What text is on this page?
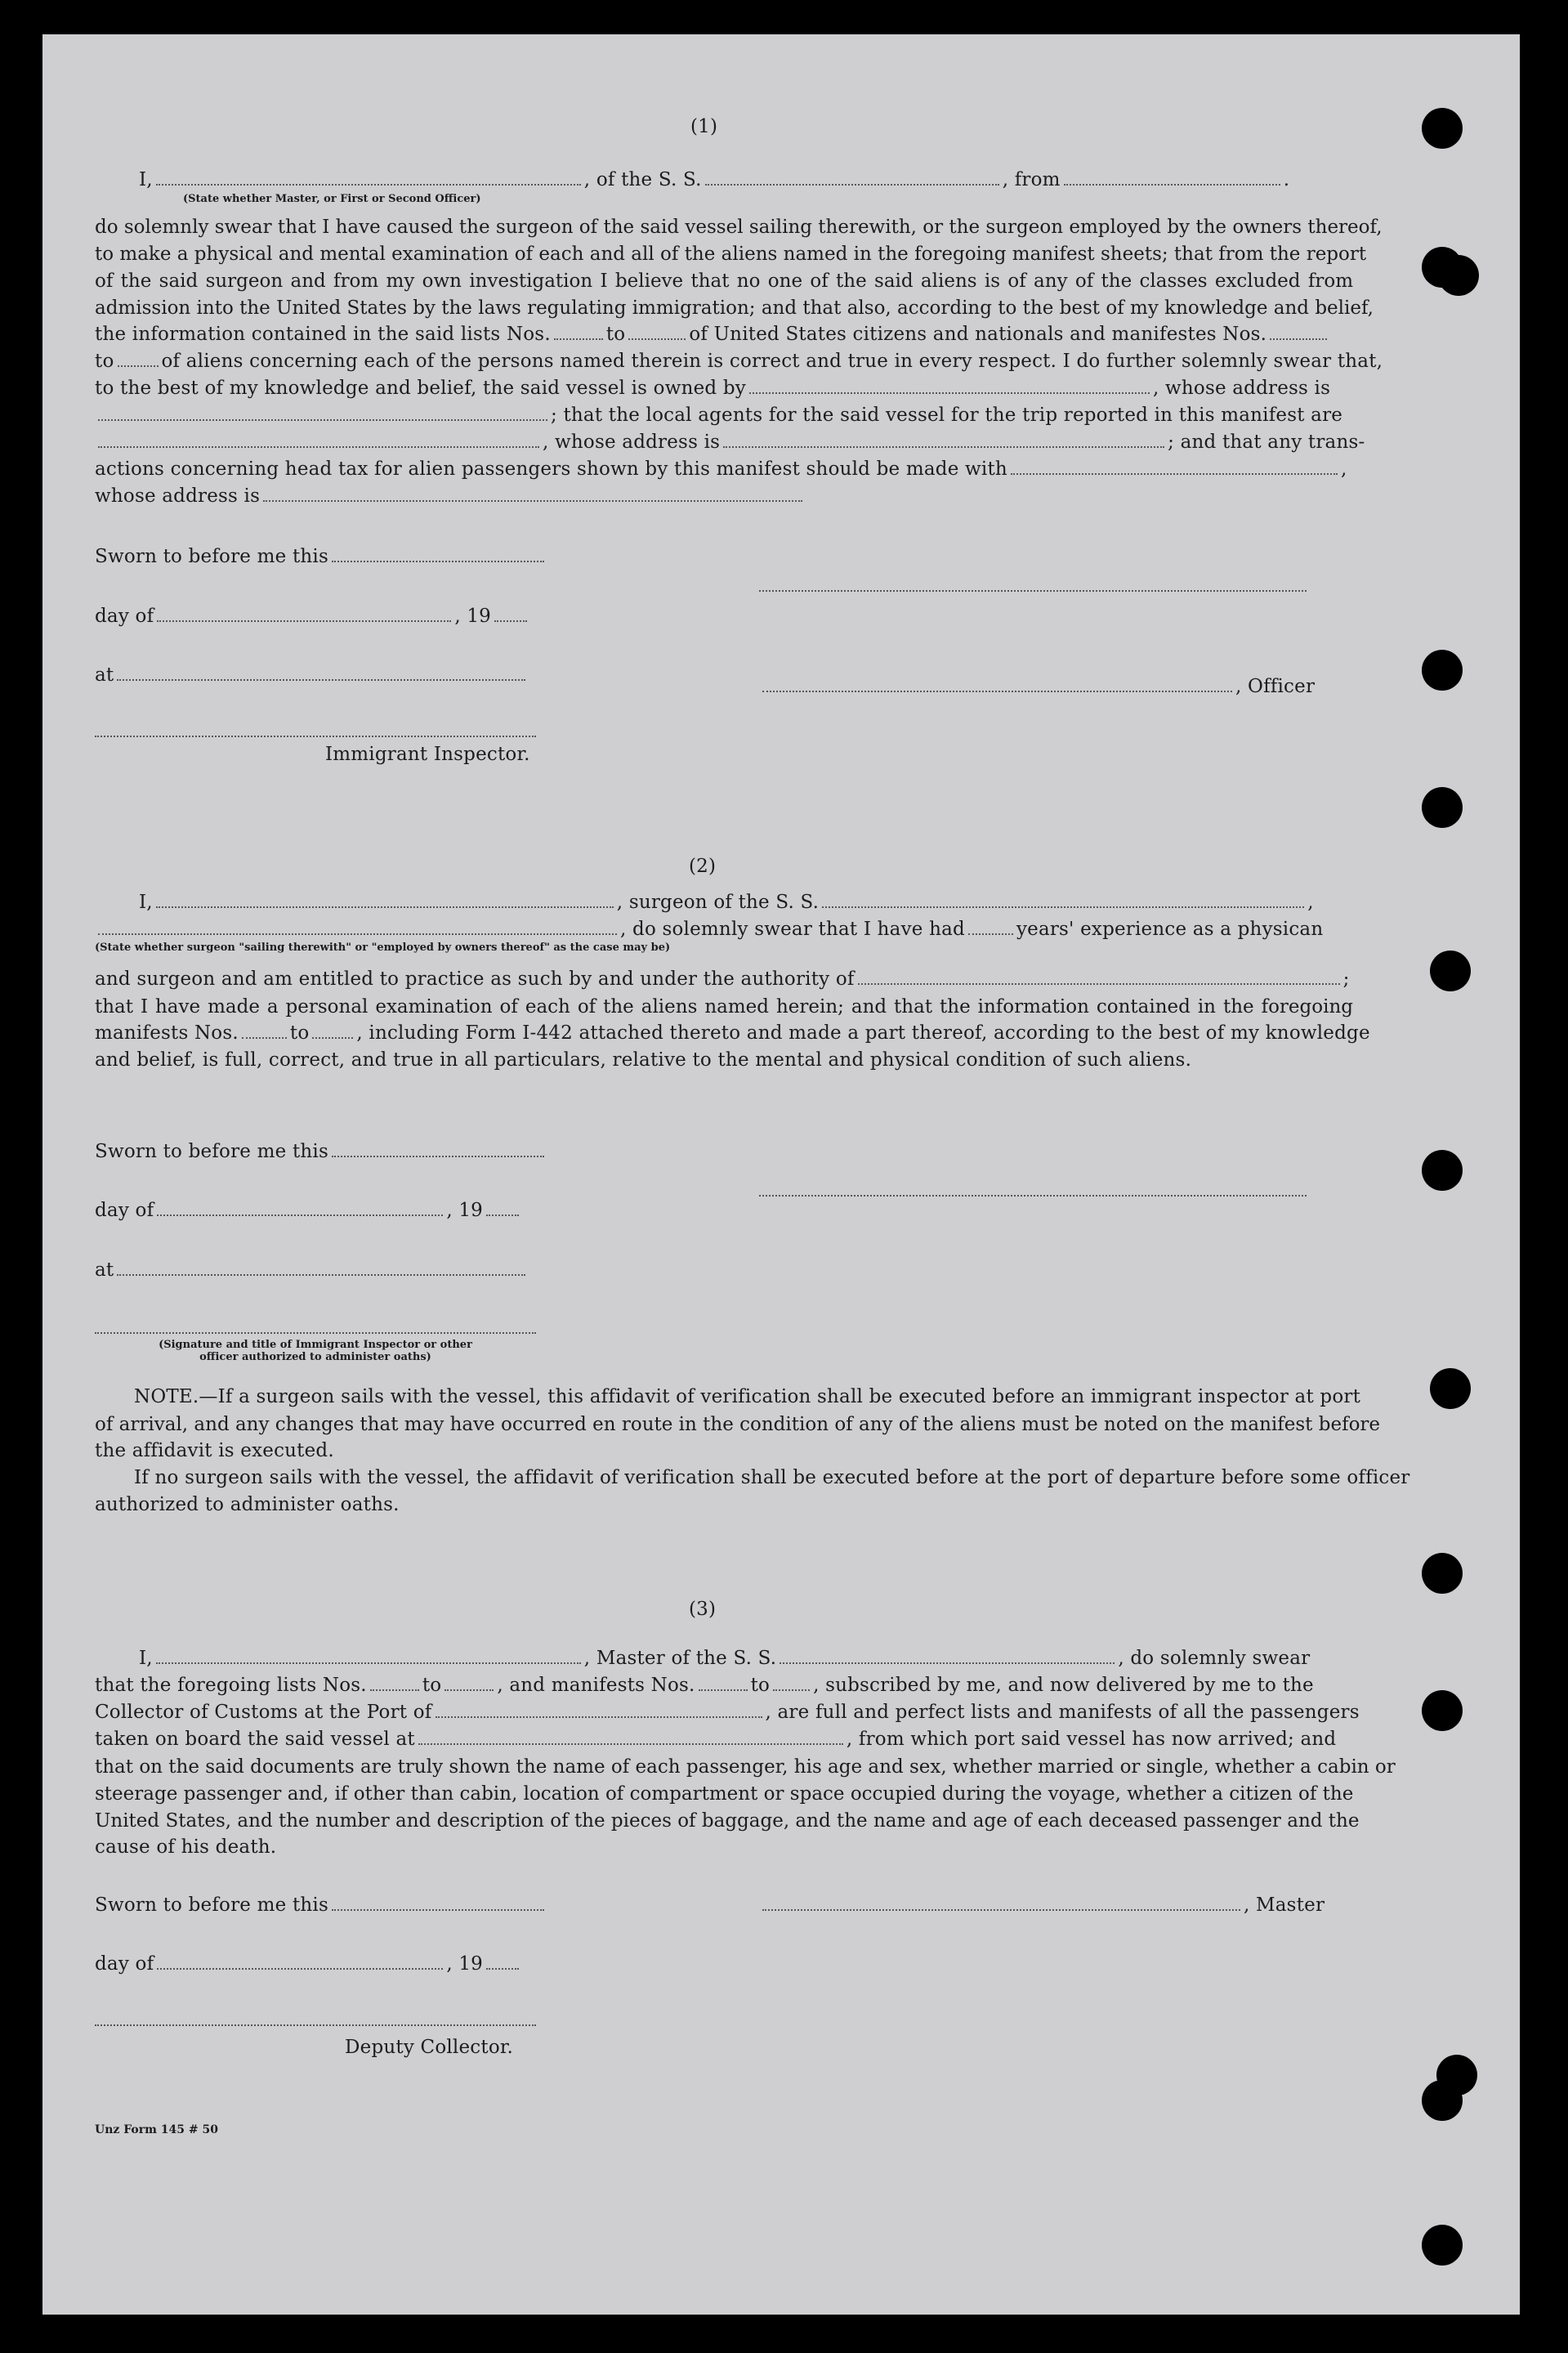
(1)
I,	, of the S. S.	, from	.
(State whether Master, or First or Second Officer)
do solemnly swear that I have caused the surgeon of the said vessel sailing therewith, or the surgeon employed by the owners thereof,
to make a physical and mental examination of each and all of the aliens named in the foregoing manifest sheets; that from the report
of the said surgeon and from my own investigation I believe that no one of the said aliens is of any of the classes excluded from
admission into the United States by the laws regulating immigration; and that also, according to the best of my knowledge and belief,
the information contained in the said lists Nos.	to	of United States citizens and nationals and manifestes Nos.
to	of aliens concerning each of the persons named therein is correct and true in every respect. I do further solemnly swear that,
to the best of my knowledge and belief, the said vessel is owned by	, whose address is
; that the local agents for the said vessel for the trip reported in this manifest are
, whose address is	; and that any trans-
actions concerning head tax for alien passengers shown by this manifest should be made with	,
whose address is
Sworn to before me this
day of	, 19
at
, Officer
Immigrant Inspector.
(2)
I,	, surgeon of the S. S.	,
, do solemnly swear that I have had	years' experience as a physican
(State whether surgeon "sailing therewith" or "employed by owners thereof" as the case may be)
and surgeon and am entitled to practice as such by and under the authority of	;
that I have made a personal examination of each of the aliens named herein; and that the information contained in the foregoing
manifests Nos.	to	, including Form I-442 attached thereto and made a part thereof, according to the best of my knowledge
and belief, is full, correct, and true in all particulars, relative to the mental and physical condition of such aliens.
Sworn to before me this
day of	, 19
at
(Signature and title of Immigrant Inspector or other
officer authorized to administer oaths)
NOTE.—If a surgeon sails with the vessel, this affidavit of verification shall be executed before an immigrant inspector at port
of arrival, and any changes that may have occurred en route in the condition of any of the aliens must be noted on the manifest before
the affidavit is executed.
If no surgeon sails with the vessel, the affidavit of verification shall be executed before at the port of departure before some officer
authorized to administer oaths.
(3)
I,	, Master of the S. S.	, do solemnly swear
that the foregoing lists Nos.	to	, and manifests Nos.	to , subscribed by me, and now delivered by me to the
Collector of Customs at the Port of	, are full and perfect lists and manifests of all the passengers
taken on board the said vessel at	, from which port said vessel has now arrived; and
that on the said documents are truly shown the name of each passenger, his age and sex, whether married or single, whether a cabin or
steerage passenger and, if other than cabin, location of compartment or space occupied during the voyage, whether a citizen of the
United States, and the number and description of the pieces of baggage, and the name and age of each deceased passenger and the
cause of his death.
Sworn to before me this	, Master
day of	, 19
Deputy Collector.
Unz Form 145 # 50
